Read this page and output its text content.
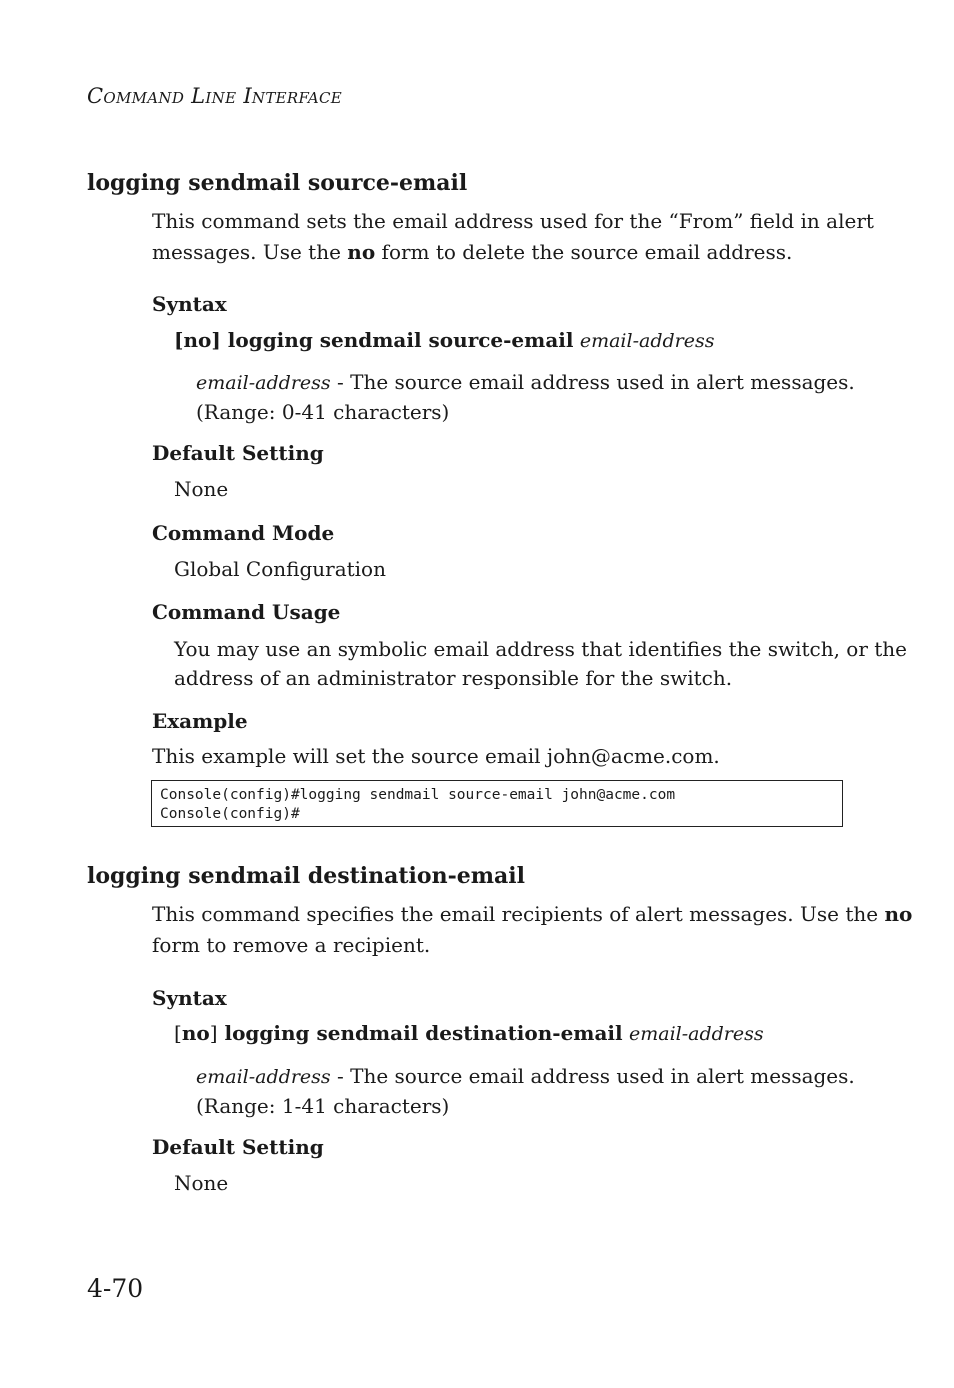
COMMAND LINE INTERFACE
logging sendmail source-email
This command sets the email address used for the “From” field in alert
messages. Use the no form to delete the source email address.
Syntax
[no] logging sendmail source-email email-address
email-address - The source email address used in alert messages.
(Range: 0-41 characters)
Default Setting
None
Command Mode
Global Configuration
Command Usage
You may use an symbolic email address that identifies the switch, or the
address of an administrator responsible for the switch.
Example
This example will set the source email john@acme.com.
Console(config)#logging sendmail source-email john@acme.com
Console(config)#
logging sendmail destination-email
This command specifies the email recipients of alert messages. Use the no
form to remove a recipient.
Syntax
[no] logging sendmail destination-email email-address
email-address - The source email address used in alert messages.
(Range: 1-41 characters)
Default Setting
None
4-70
